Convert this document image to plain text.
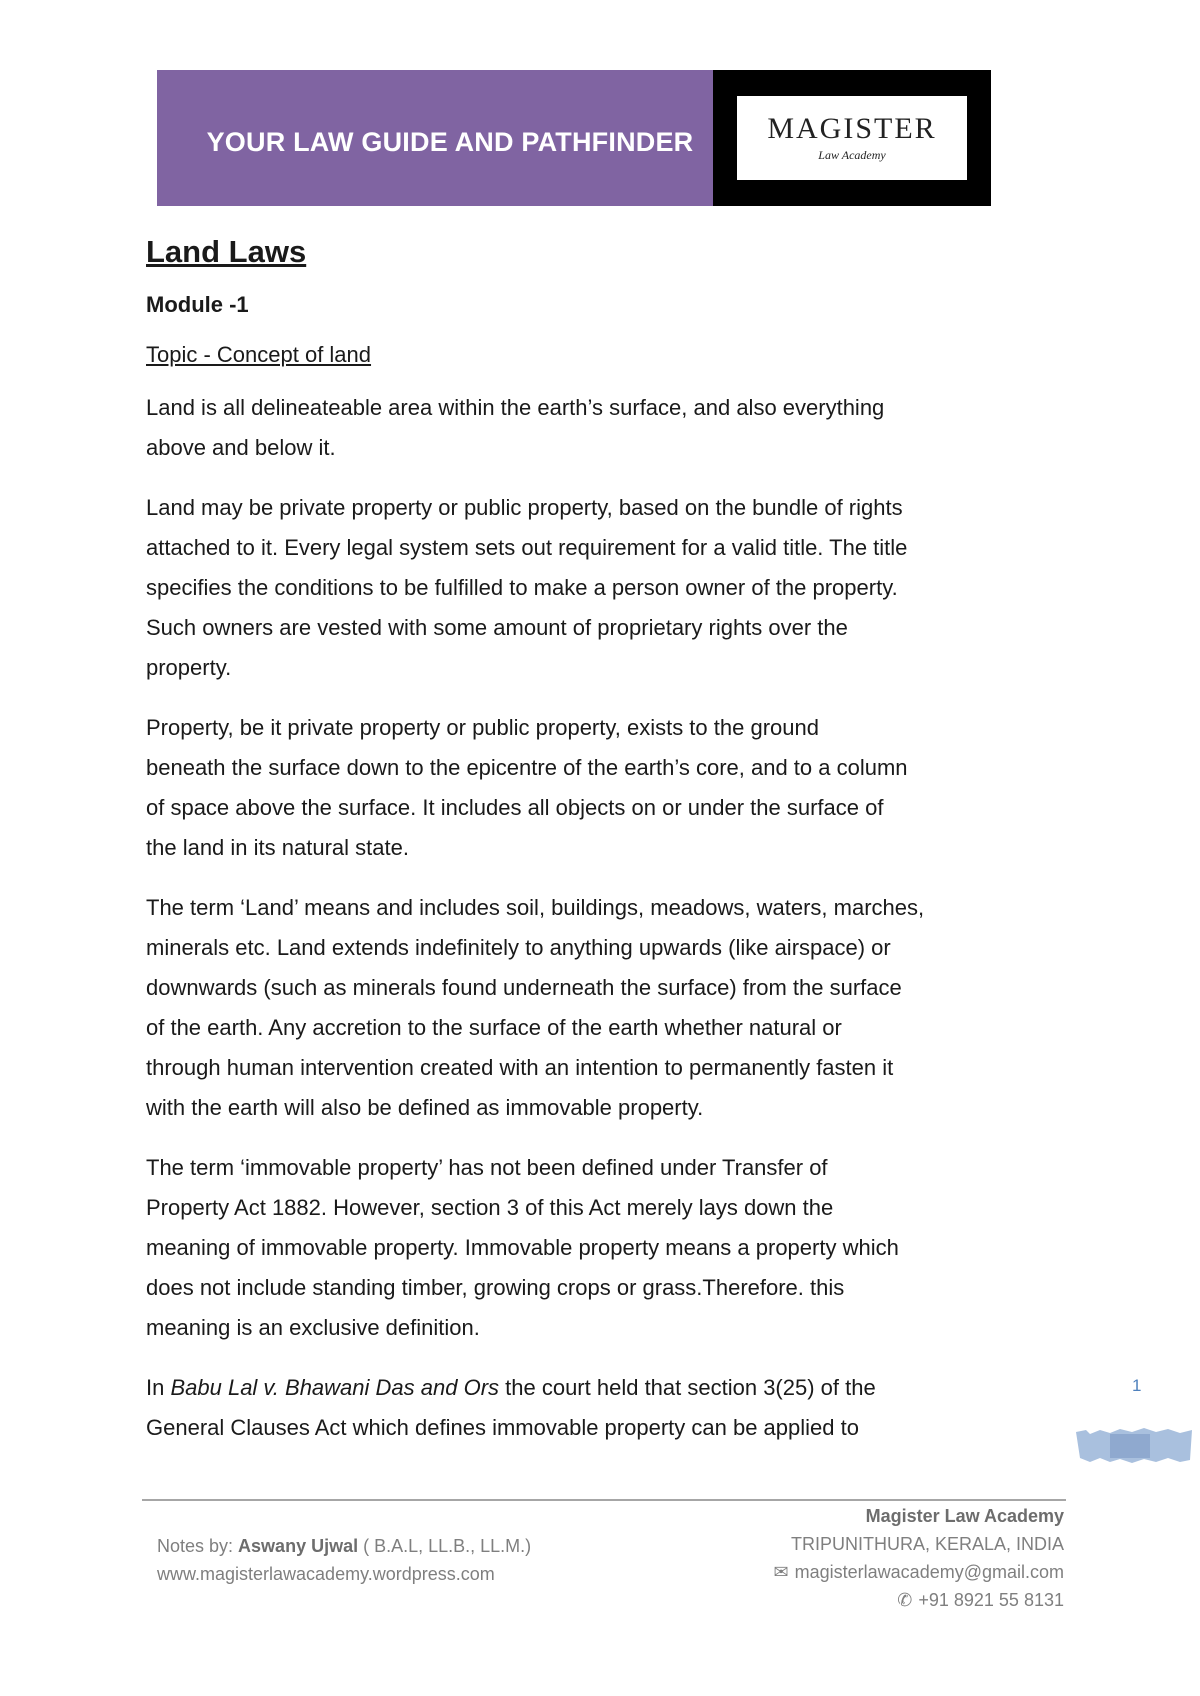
YOUR LAW GUIDE AND PATHFINDER MAGISTER
Law Academy
Land Laws
Module -1
Topic - Concept of land

Land is all delineateable area within the earth’s surface, and also everything
above and below it.

Land may be private property or public property, based on the bundle of rights
attached to it. Every legal system sets out requirement for a valid title. The title
specifies the conditions to be fulfilled to make a person owner of the property.
Such owners are vested with some amount of proprietary rights over the
property.

Property, be it private property or public property, exists to the ground
beneath the surface down to the epicentre of the earth’s core, and to a column
of space above the surface. It includes all objects on or under the surface of
the land in its natural state.

The term ‘Land’ means and includes soil, buildings, meadows, waters, marches,
minerals etc. Land extends indefinitely to anything upwards (like airspace) or
downwards (such as minerals found underneath the surface) from the surface
of the earth. Any accretion to the surface of the earth whether natural or
through human intervention created with an intention to permanently fasten it
with the earth will also be defined as immovable property.

The term ‘immovable property’ has not been defined under Transfer of
Property Act 1882. However, section 3 of this Act merely lays down the
meaning of immovable property. Immovable property means a property which
does not include standing timber, growing crops or grass.Therefore. this
meaning is an exclusive definition.

In Babu Lal v. Bhawani Das and Ors the court held that section 3(25) of the
General Clauses Act which defines immovable property can be applied to

1
Notes by: Aswany Ujwal ( B.A.L, LL.B., LL.M.)
www.magisterlawacademy.wordpress.com
Magister Law Academy
TRIPUNITHURA, KERALA, INDIA
✉ magisterlawacademy@gmail.com
✆ +91 8921 55 8131
